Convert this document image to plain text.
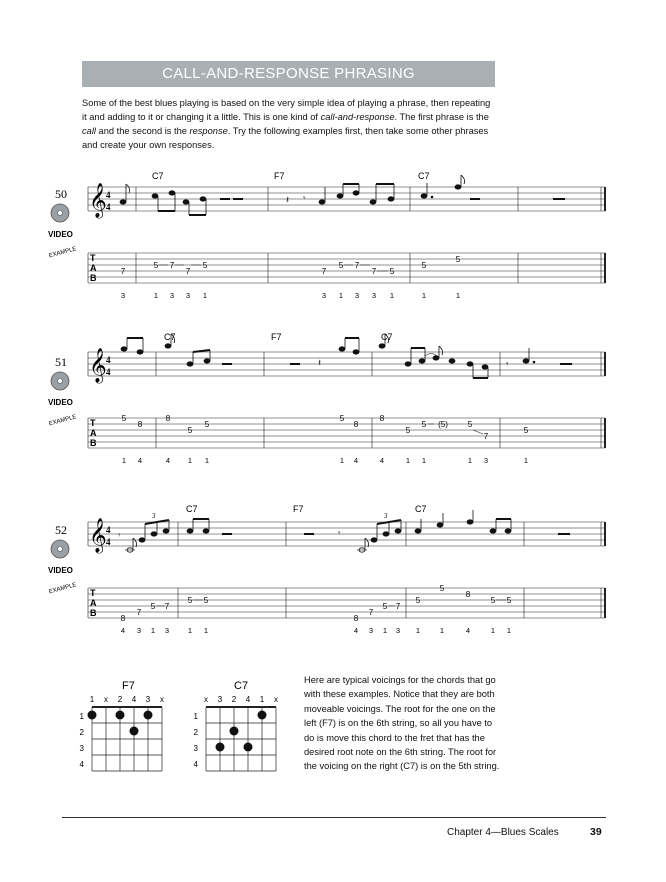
CALL-AND-RESPONSE PHRASING
Some of the best blues playing is based on the very simple idea of playing a phrase, then repeating it and adding to it or changing it a little. This is one kind of call-and-response. The first phrase is the call and the second is the response. Try the following examples first, then take some other phrases and create your own responses.
C7	F7	C7
50
VIDEO
EXAMPLE
𝄞 4
4
𝄽 𝄾
T
A
B
7
5 7
7
5
7
5 7
7 5
5
5
3	1 3 3 1	3 1 3 3 1	1	1
C7	F7	C7
51
VIDEO
EXAMPLE
𝄞 4
4
𝄽	𝄾
T
A
B
5
8
8
5
5
5
8
8
5
5 (5) 5
7
5
1 4	4 1 1	1 4	4	1 1	1 3	1
C7	F7	C7
52
VIDEO
EXAMPLE
𝄞 4
4
3	3
𝄾	𝄾
T
A
B
8
7
5 7
5 5
8
7
5 7
5
5
8
5 5
4 3 1 3	1 1	4 3 1 3 1	1	4	1 1
F7
1 x 2 4 3 x
1
2
3
4
C7
x 3 2 4 1 x
1
2
3
4
Here are typical voicings for the chords that go with these examples. Notice that they are both moveable voicings. The root for the one on the left (F7) is on the 6th string, so all you have to do is move this chord to the fret that has the desired root note on the 6th string. The root for the voicing on the right (C7) is on the 5th string.
Chapter 4—Blues Scales	39
